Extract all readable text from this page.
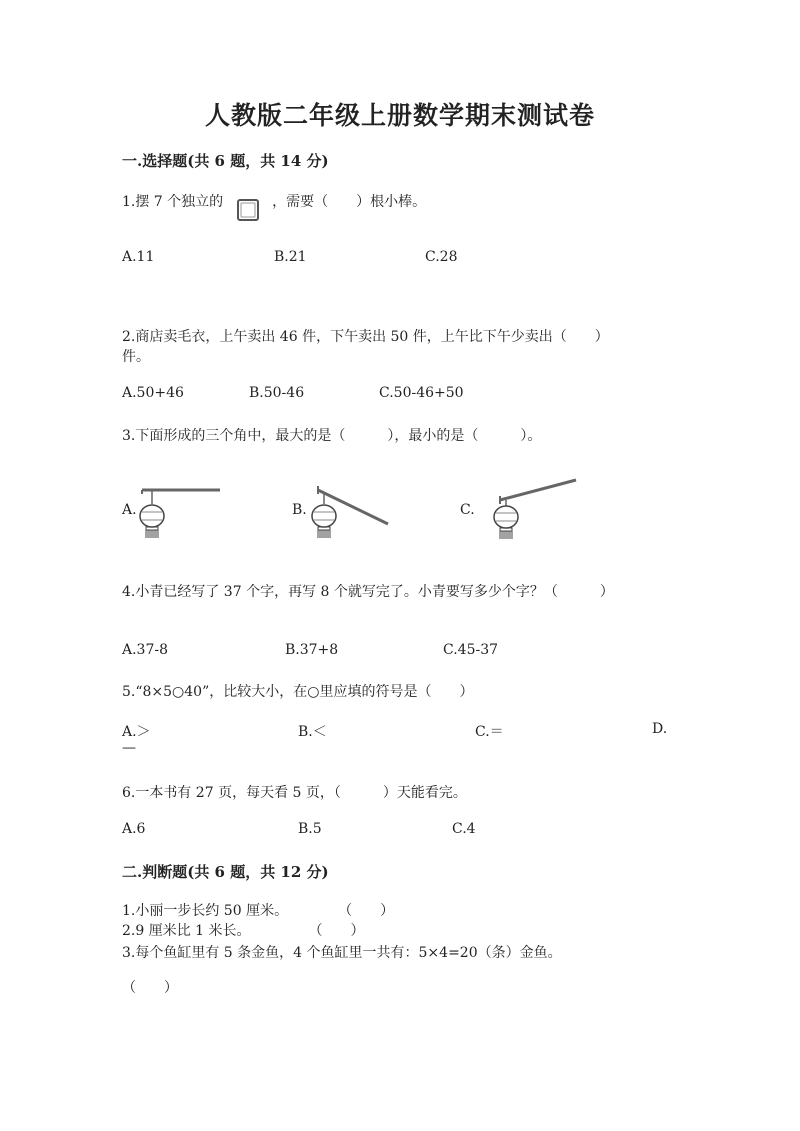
人教版二年级上册数学期末测试卷
一.选择题(共 6 题，共 14 分)
1.摆 7 个独立的	，需要（　　）根小棒。
A.11	B.21	C.28
2.商店卖毛衣，上午卖出 46 件，下午卖出 50 件，上午比下午少卖出（　　）
件。
A.50+46	B.50-46	C.50-46+50
3.下面形成的三个角中，最大的是（　　　），最小的是（　　　）。
A.	B.	C.
4.小青已经写了 37 个字，再写 8 个就写完了。小青要写多少个字？（　　　）
A.37-8	B.37+8	C.45-37
5.“8×5○40”，比较大小，在○里应填的符号是（　　）
A.＞	B.＜	C.＝	D.
—
6.一本书有 27 页，每天看 5 页，（　　　）天能看完。
A.6	B.5	C.4
二.判断题(共 6 题，共 12 分)
1.小丽一步长约 50 厘米。	（　　）
2.9 厘米比 1 米长。	（　　）
3.每个鱼缸里有 5 条金鱼，4 个鱼缸里一共有：5×4=20（条）金鱼。
（　　）
